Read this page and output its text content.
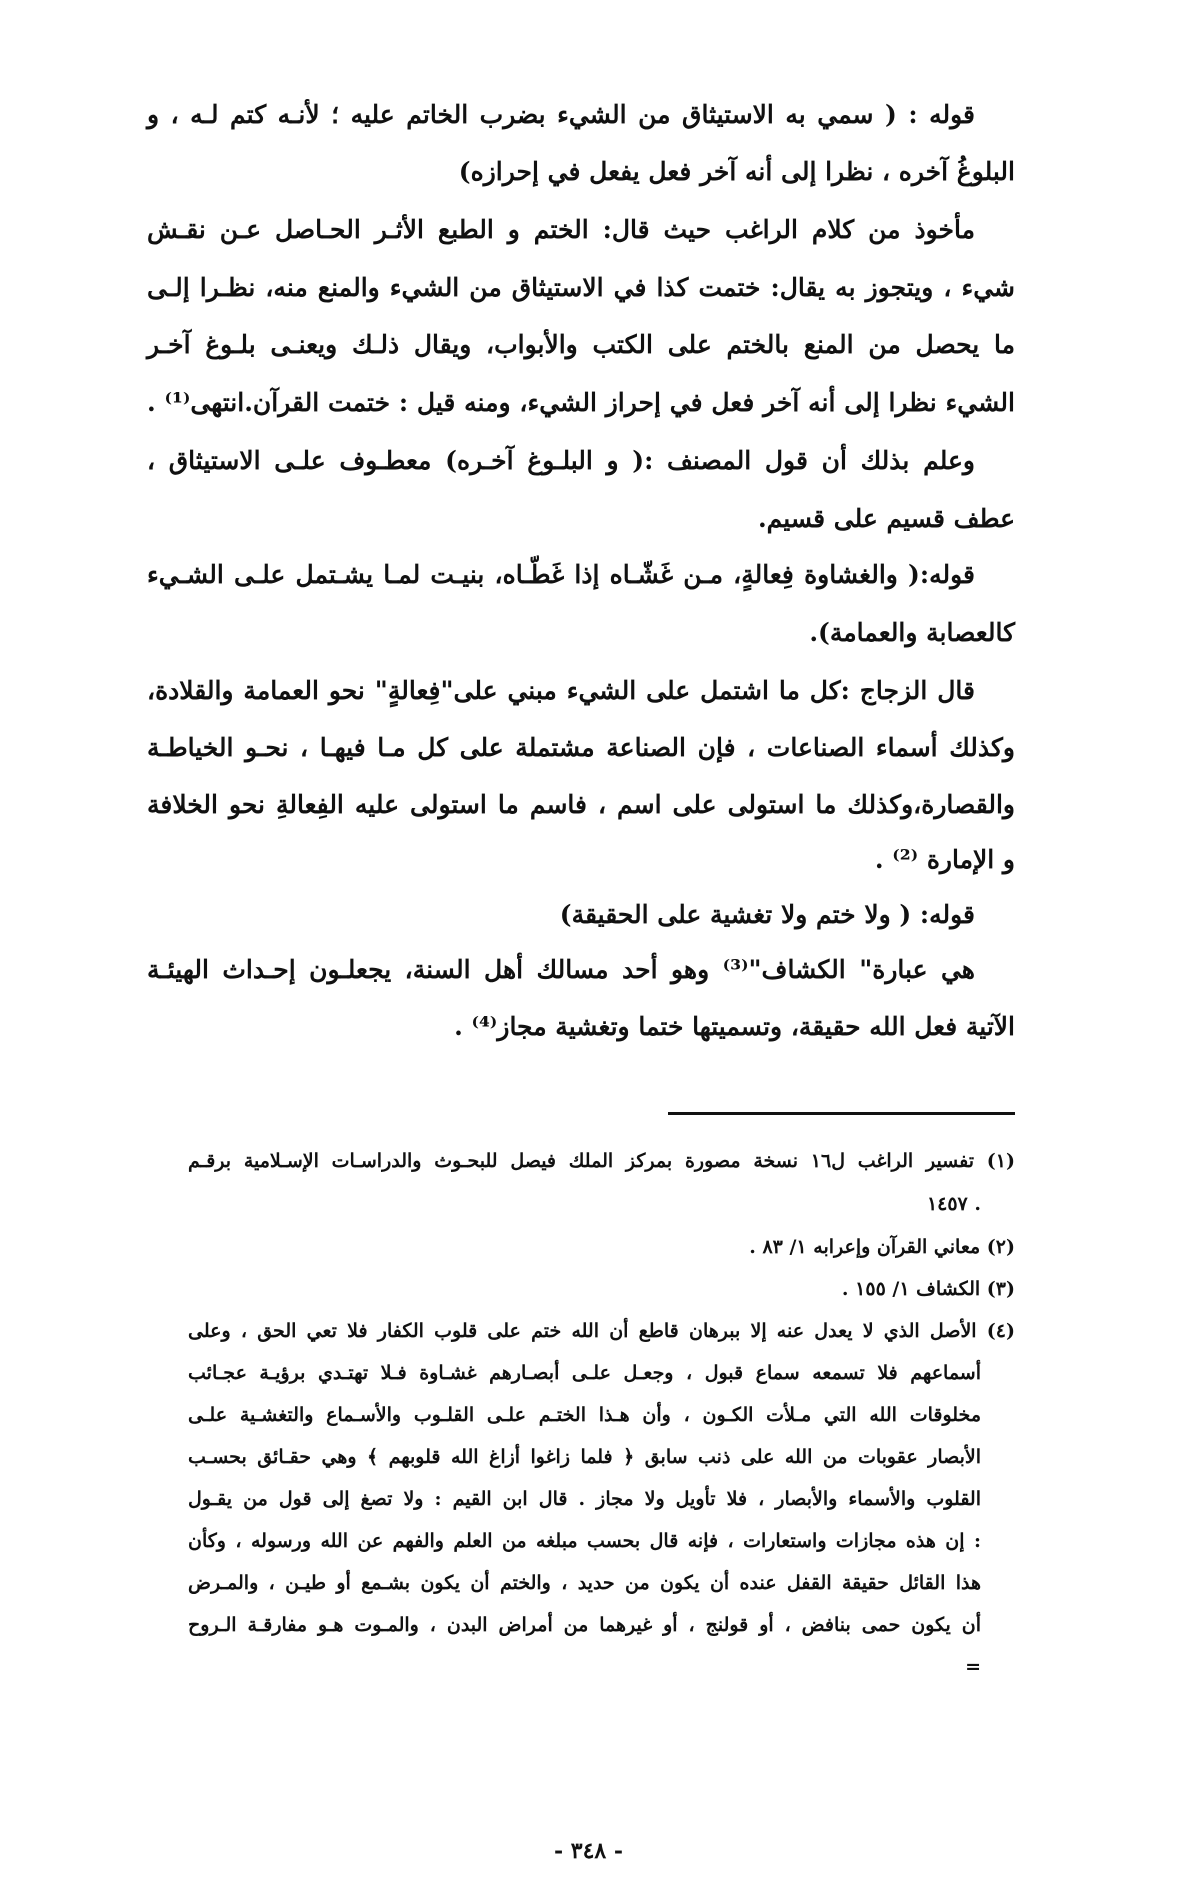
قوله : ( سمي به الاستيثاق من الشيء بضرب الخاتم عليه ؛ لأنـه كتم لـه ، و
البلوغُ آخره ، نظرا إلى أنه آخر فعل يفعل في إحرازه)
مأخوذ من كلام الراغب حيث قال: الختم و الطبع الأثـر الحـاصل عـن نقـش
شيء ، ويتجوز به يقال: ختمت كذا في الاستيثاق من الشيء والمنع منه، نظـرا إلـى
ما يحصل من المنع بالختم على الكتب والأبواب، ويقال ذلـك ويعنـى بلـوغ آخـر
الشيء نظرا إلى أنه آخر فعل في إحراز الشيء، ومنه قيل : ختمت القرآن.انتهى⁽¹⁾ .
وعلم بذلك أن قول المصنف :( و البلـوغ آخـره) معطـوف علـى الاستيثاق ،
عطف قسيم على قسيم.
قوله:( والغشاوة فِعالةٍ، مـن غَشّـاه إذا غَطّـاه، بنيـت لمـا يشـتمل علـى الشـيء
كالعصابة والعمامة).
قال الزجاج :كل ما اشتمل على الشيء مبني على"فِعالةٍ" نحو العمامة والقلادة،
وكذلك أسماء الصناعات ، فإن الصناعة مشتملة على كل مـا فيهـا ، نحـو الخياطـة
والقصارة،وكذلك ما استولى على اسم ، فاسم ما استولى عليه الفِعالةِ نحو الخلافة
و الإمارة ⁽²⁾ .
قوله: ( ولا ختم ولا تغشية على الحقيقة)
هي عبارة" الكشاف"⁽³⁾ وهو أحد مسالك أهل السنة، يجعلـون إحـداث الهيئـة
الآتية فعل الله حقيقة، وتسميتها ختما وتغشية مجاز⁽⁴⁾ .
(١) تفسير الراغب ل١٦ نسخة مصورة بمركز الملك فيصل للبحـوث والدراسـات الإسـلامية برقـم
. ١٤٥٧
(٢) معاني القرآن وإعرابه ١/ ٨٣ .
(٣) الكشاف ١/ ١٥٥ .
(٤) الأصل الذي لا يعدل عنه إلا ببرهان قاطع أن الله ختم على قلوب الكفار فلا تعي الحق ، وعلى
أسماعهم فلا تسمعه سماع قبول ، وجعـل علـى أبصـارهم غشـاوة فـلا تهتـدي برؤيـة عجـائب
مخلوقات الله التي مـلأت الكـون ، وأن هـذا الختـم علـى القلـوب والأسـماع والتغشـية علـى
الأبصار عقوبات من الله على ذنب سابق ﴿ فلما زاغوا أزاغ الله قلوبهم ﴾ وهي حقـائق بحسـب
القلوب والأسماء والأبصار ، فلا تأويل ولا مجاز . قال ابن القيم : ولا تصغ إلى قول من يقـول
: إن هذه مجازات واستعارات ، فإنه قال بحسب مبلغه من العلم والفهم عن الله ورسوله ، وكأن
هذا القائل حقيقة القفل عنده أن يكون من حديد ، والختم أن يكون بشـمع أو طيـن ، والمـرض
أن يكون حمى بنافض ، أو قولنج ، أو غيرهما من أمراض البدن ، والمـوت هـو مفارقـة الـروح
=
- ٣٤٨ -
